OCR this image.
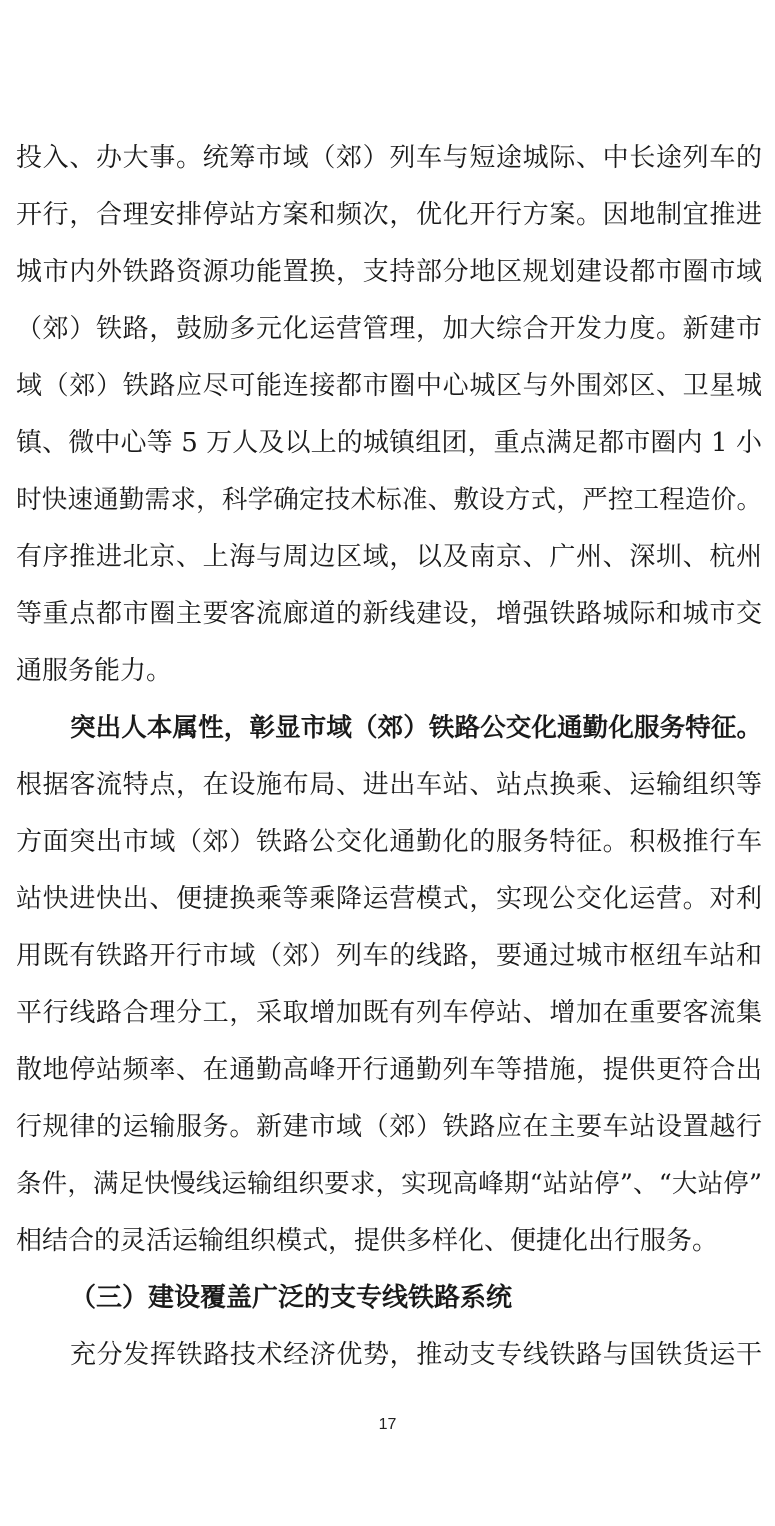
投入、办大事。统筹市域（郊）列车与短途城际、中长途列车的
开行，合理安排停站方案和频次，优化开行方案。因地制宜推进
城市内外铁路资源功能置换，支持部分地区规划建设都市圈市域
（郊）铁路，鼓励多元化运营管理，加大综合开发力度。新建市
域（郊）铁路应尽可能连接都市圈中心城区与外围郊区、卫星城
镇、微中心等 5 万人及以上的城镇组团，重点满足都市圈内 1 小
时快速通勤需求，科学确定技术标准、敷设方式，严控工程造价。
有序推进北京、上海与周边区域，以及南京、广州、深圳、杭州
等重点都市圈主要客流廊道的新线建设，增强铁路城际和城市交
通服务能力。
突出人本属性，彰显市域（郊）铁路公交化通勤化服务特征。
根据客流特点，在设施布局、进出车站、站点换乘、运输组织等
方面突出市域（郊）铁路公交化通勤化的服务特征。积极推行车
站快进快出、便捷换乘等乘降运营模式，实现公交化运营。对利
用既有铁路开行市域（郊）列车的线路，要通过城市枢纽车站和
平行线路合理分工，采取增加既有列车停站、增加在重要客流集
散地停站频率、在通勤高峰开行通勤列车等措施，提供更符合出
行规律的运输服务。新建市域（郊）铁路应在主要车站设置越行
条件，满足快慢线运输组织要求，实现高峰期“站站停”、“大站停”
相结合的灵活运输组织模式，提供多样化、便捷化出行服务。
（三）建设覆盖广泛的支专线铁路系统
充分发挥铁路技术经济优势，推动支专线铁路与国铁货运干
17
